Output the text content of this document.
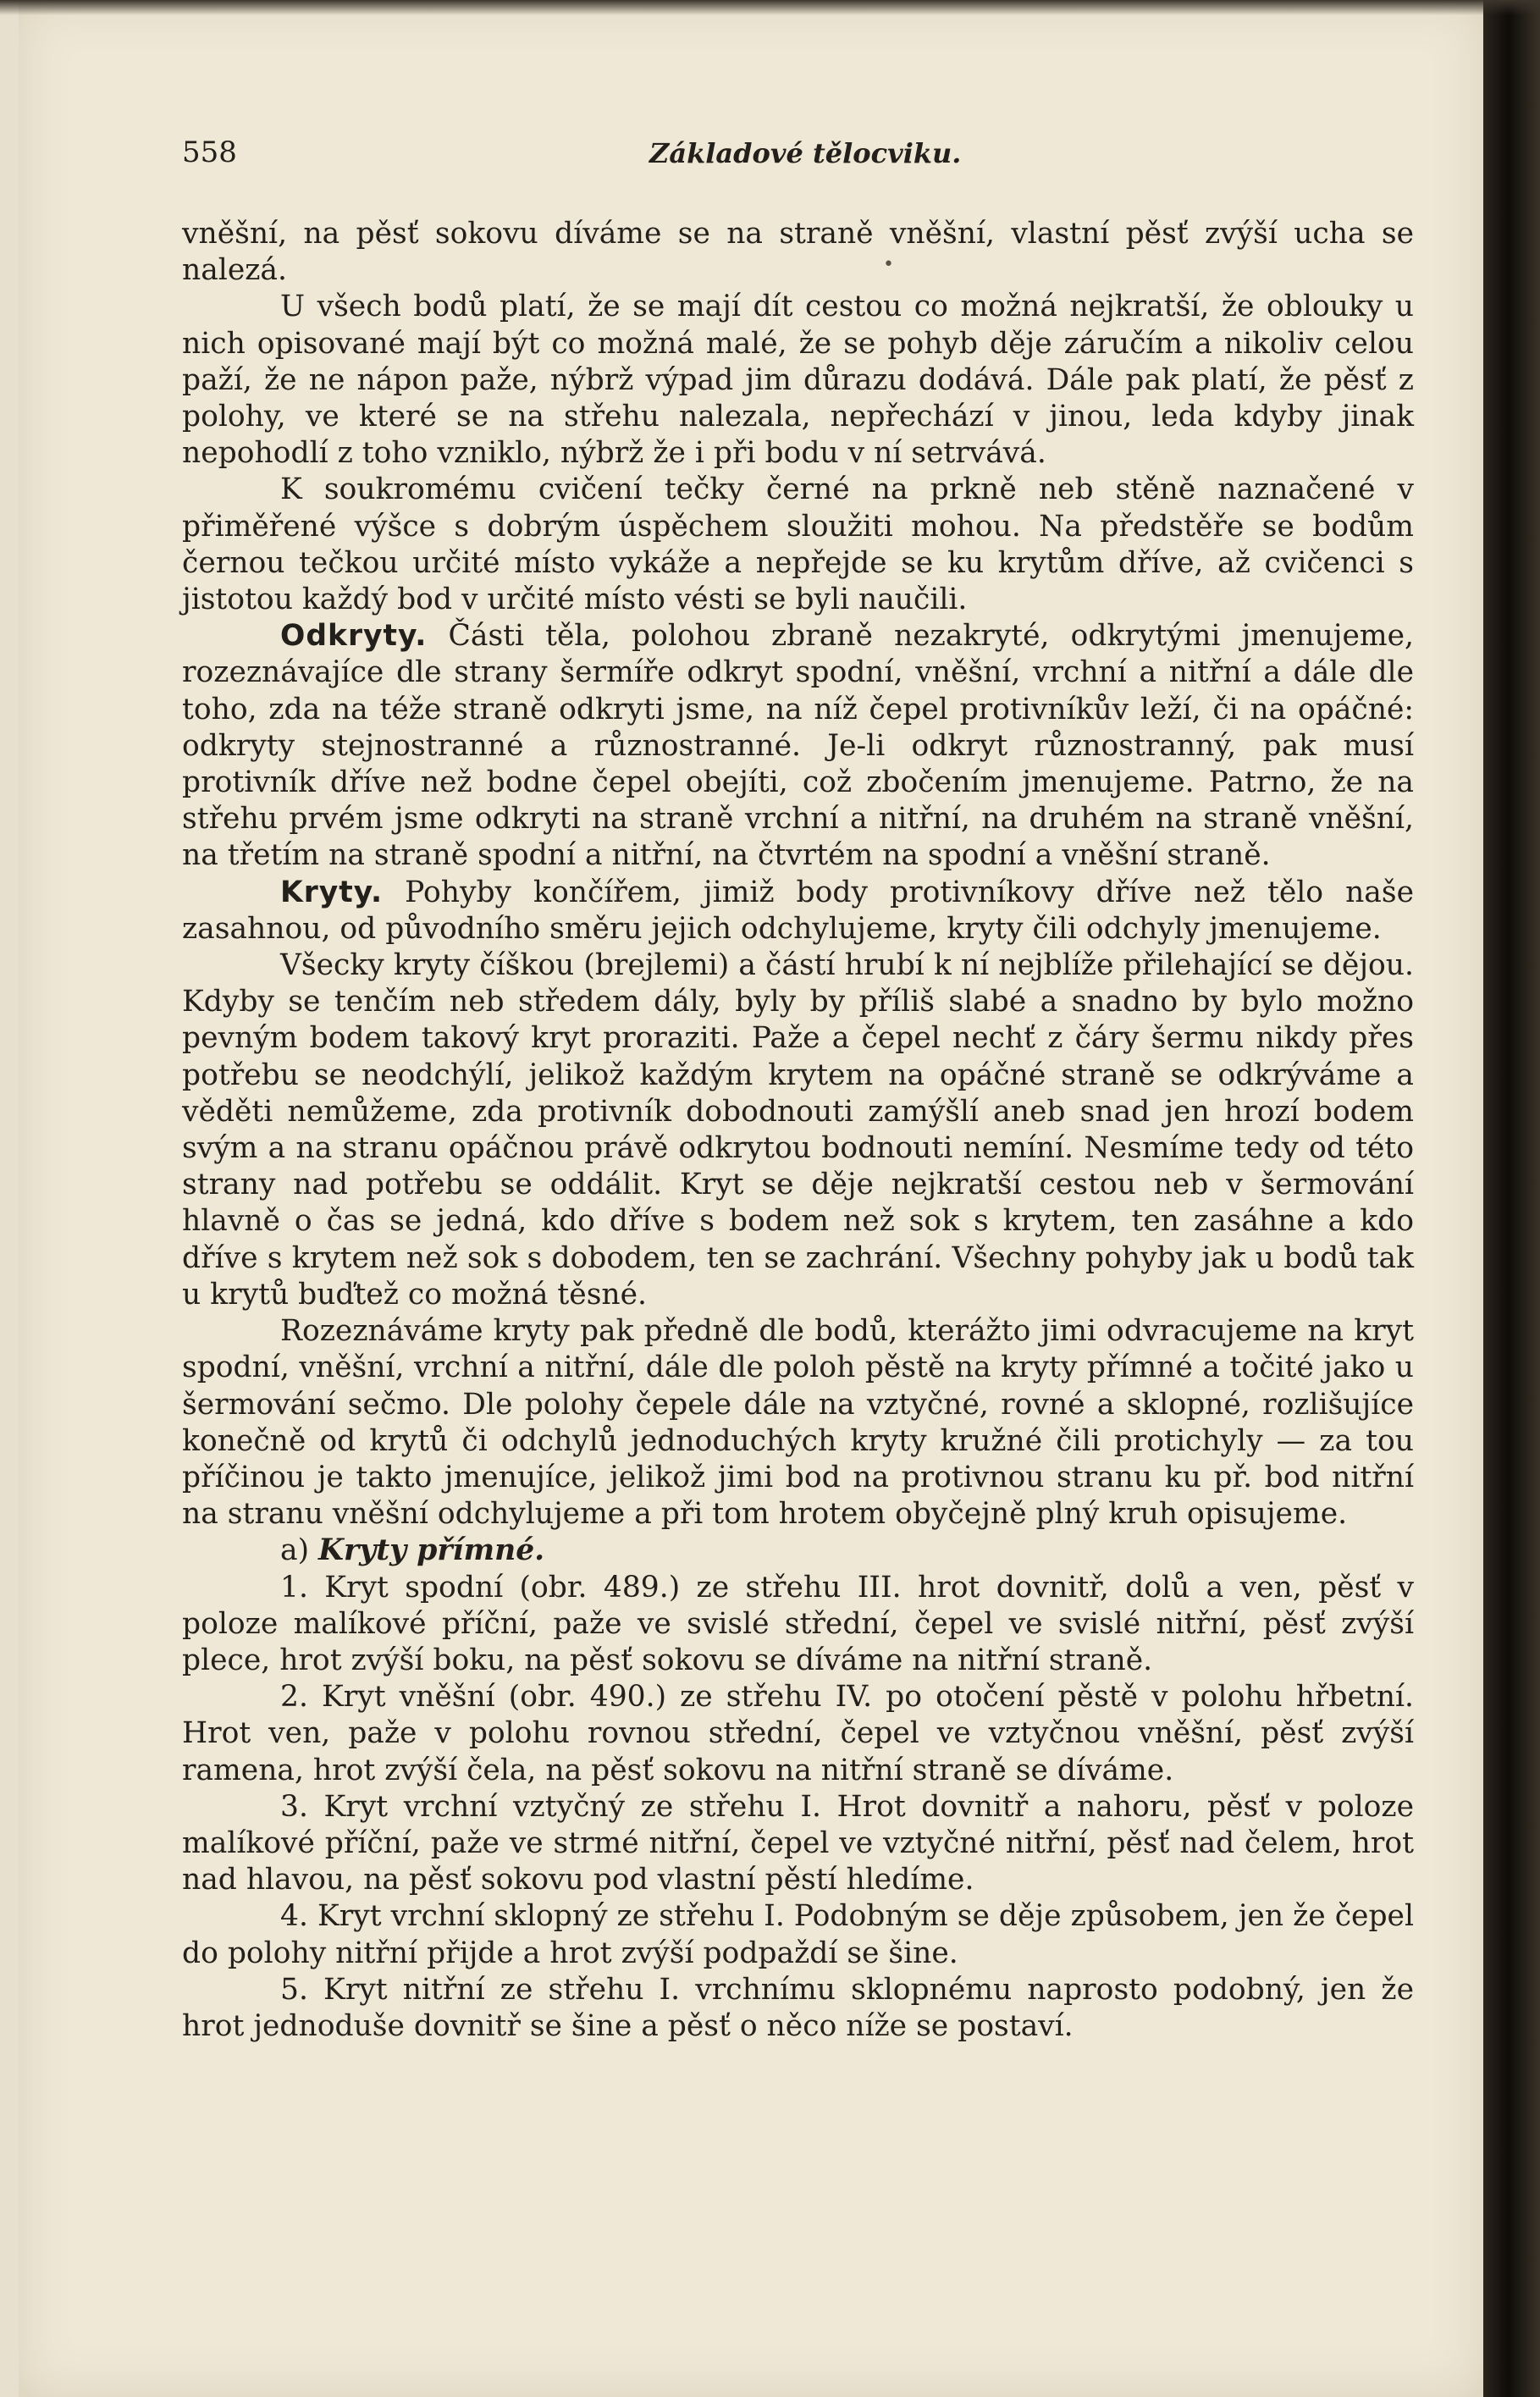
558	Základové tělocviku.
•

vněšní, na pěsť sokovu díváme se na straně vněšní, vlastní pěsť zvýší ucha se nalezá.

U všech bodů platí, že se mají dít cestou co možná nejkratší, že oblouky u nich opisované mají být co možná malé, že se pohyb děje záručím a nikoliv celou paží, že ne nápon paže, nýbrž výpad jim důrazu dodává. Dále pak platí, že pěsť z polohy, ve které se na střehu nalezala, nepřechází v jinou, leda kdyby jinak nepohodlí z toho vzniklo, nýbrž že i při bodu v ní setrvává.

K soukromému cvičení tečky černé na prkně neb stěně naznačené v přiměřené výšce s dobrým úspěchem sloužiti mohou. Na předstěře se bodům černou tečkou určité místo vykáže a nepřejde se ku krytům dříve, až cvičenci s jistotou každý bod v určité místo vésti se byli naučili.

Odkryty. Části těla, polohou zbraně nezakryté, odkrytými jmenujeme, rozeznávajíce dle strany šermíře odkryt spodní, vněšní, vrchní a nitřní a dále dle toho, zda na téže straně odkryti jsme, na níž čepel protivníkův leží, či na opáčné: odkryty stejnostranné a různostranné. Je-li odkryt různostranný, pak musí protivník dříve než bodne čepel obejíti, což zbočením jmenujeme. Patrno, že na střehu prvém jsme odkryti na straně vrchní a nitřní, na druhém na straně vněšní, na třetím na straně spodní a nitřní, na čtvrtém na spodní a vněšní straně.

Kryty. Pohyby končířem, jimiž body protivníkovy dříve než tělo naše zasahnou, od původního směru jejich odchylujeme, kryty čili odchyly jmenujeme.

Všecky kryty číškou (brejlemi) a částí hrubí k ní nejblíže přilehající se dějou. Kdyby se tenčím neb středem dály, byly by příliš slabé a snadno by bylo možno pevným bodem takový kryt proraziti. Paže a čepel nechť z čáry šermu nikdy přes potřebu se neodchýlí, jelikož každým krytem na opáčné straně se odkrýváme a věděti nemůžeme, zda protivník dobodnouti zamýšlí aneb snad jen hrozí bodem svým a na stranu opáčnou právě odkrytou bodnouti nemíní. Nesmíme tedy od této strany nad potřebu se oddálit. Kryt se děje nejkratší cestou neb v šermování hlavně o čas se jedná, kdo dříve s bodem než sok s krytem, ten zasáhne a kdo dříve s krytem než sok s dobodem, ten se zachrání. Všechny pohyby jak u bodů tak u krytů buďtež co možná těsné.

Rozeznáváme kryty pak předně dle bodů, kterážto jimi odvracujeme na kryt spodní, vněšní, vrchní a nitřní, dále dle poloh pěstě na kryty přímné a točité jako u šermování sečmo. Dle polohy čepele dále na vztyčné, rovné a sklopné, rozlišujíce konečně od krytů či odchylů jednoduchých kryty kružné čili protichyly — za tou příčinou je takto jmenujíce, jelikož jimi bod na protivnou stranu ku př. bod nitřní na stranu vněšní odchylujeme a při tom hrotem obyčejně plný kruh opisujeme.

a) Kryty přímné.

1. Kryt spodní (obr. 489.) ze střehu III. hrot dovnitř, dolů a ven, pěsť v poloze malíkové příční, paže ve svislé střední, čepel ve svislé nitřní, pěsť zvýší plece, hrot zvýší boku, na pěsť sokovu se díváme na nitřní straně.

2. Kryt vněšní (obr. 490.) ze střehu IV. po otočení pěstě v polohu hřbetní. Hrot ven, paže v polohu rovnou střední, čepel ve vztyčnou vněšní, pěsť zvýší ramena, hrot zvýší čela, na pěsť sokovu na nitřní straně se díváme.

3. Kryt vrchní vztyčný ze střehu I. Hrot dovnitř a nahoru, pěsť v poloze malíkové příční, paže ve strmé nitřní, čepel ve vztyčné nitřní, pěsť nad čelem, hrot nad hlavou, na pěsť sokovu pod vlastní pěstí hledíme.

4. Kryt vrchní sklopný ze střehu I. Podobným se děje způsobem, jen že čepel do polohy nitřní přijde a hrot zvýší podpaždí se šine.

5. Kryt nitřní ze střehu I. vrchnímu sklopnému naprosto podobný, jen že hrot jednoduše dovnitř se šine a pěsť o něco níže se postaví.
